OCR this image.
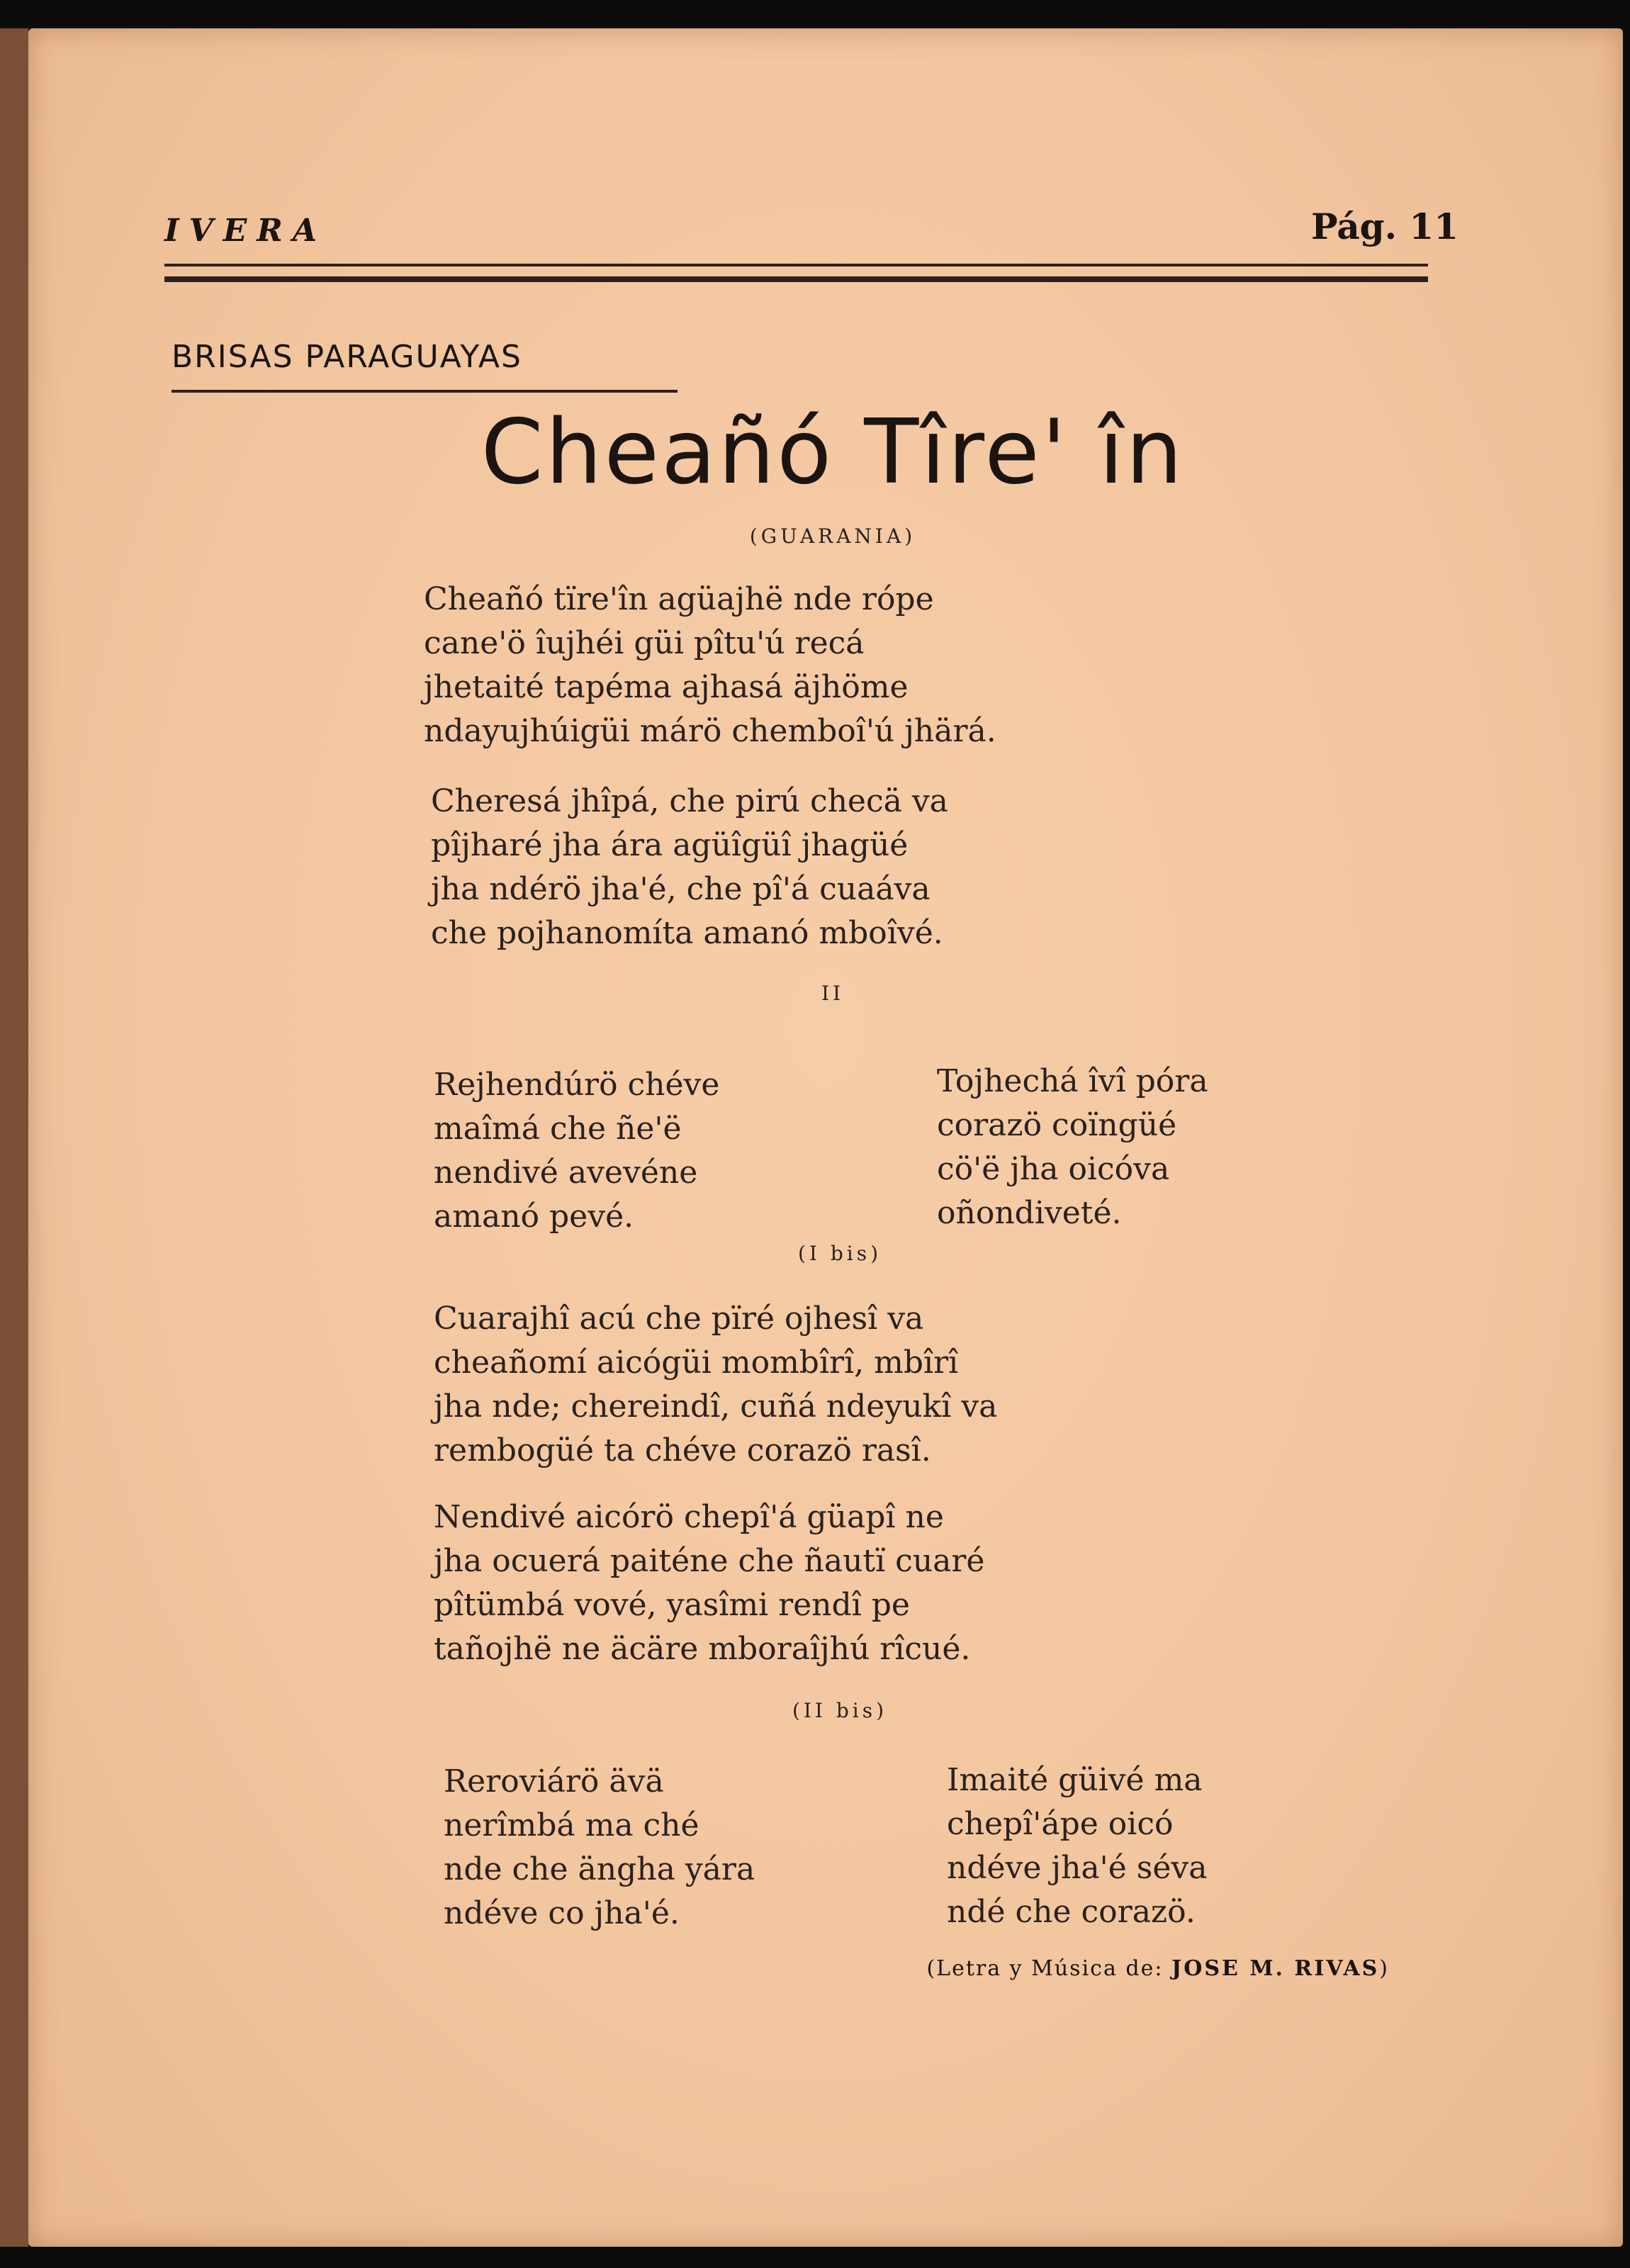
IVERA	Pág. 11
BRISAS PARAGUAYAS
Cheañó Tîre' în
(GUARANIA)
Cheañó tïre'în agüajhë nde rópe
cane'ö îujhéi güi pîtu'ú recá
jhetaité tapéma ajhasá äjhöme
ndayujhúigüi márö chemboî'ú jhärá.
Cheresá jhîpá, che pirú checä va
pîjharé jha ára agüîgüî jhagüé
jha ndérö jha'é, che pî'á cuaáva
che pojhanomíta amanó mboîvé.
II
Rejhendúrö chéve
maîmá che ñe'ë
nendivé avevéne
amanó pevé.
Tojhechá îvî póra
corazö coïngüé
cö'ë jha oicóva
oñondiveté.
(I bis)
Cuarajhî acú che pïré ojhesî va
cheañomí aicógüi mombîrî, mbîrî
jha nde; chereindî, cuñá ndeyukî va
rembogüé ta chéve corazö rasî.
Nendivé aicórö chepî'á güapî ne
jha ocuerá paiténe che ñautï cuaré
pîtümbá vové, yasîmi rendî pe
tañojhë ne äcäre mboraîjhú rîcué.
(II bis)
Reroviárö ävä
nerîmbá ma ché
nde che ängha yára
ndéve co jha'é.
Imaité güivé ma
chepî'ápe oicó
ndéve jha'é séva
ndé che corazö.
(Letra y Música de: JOSE M. RIVAS)
